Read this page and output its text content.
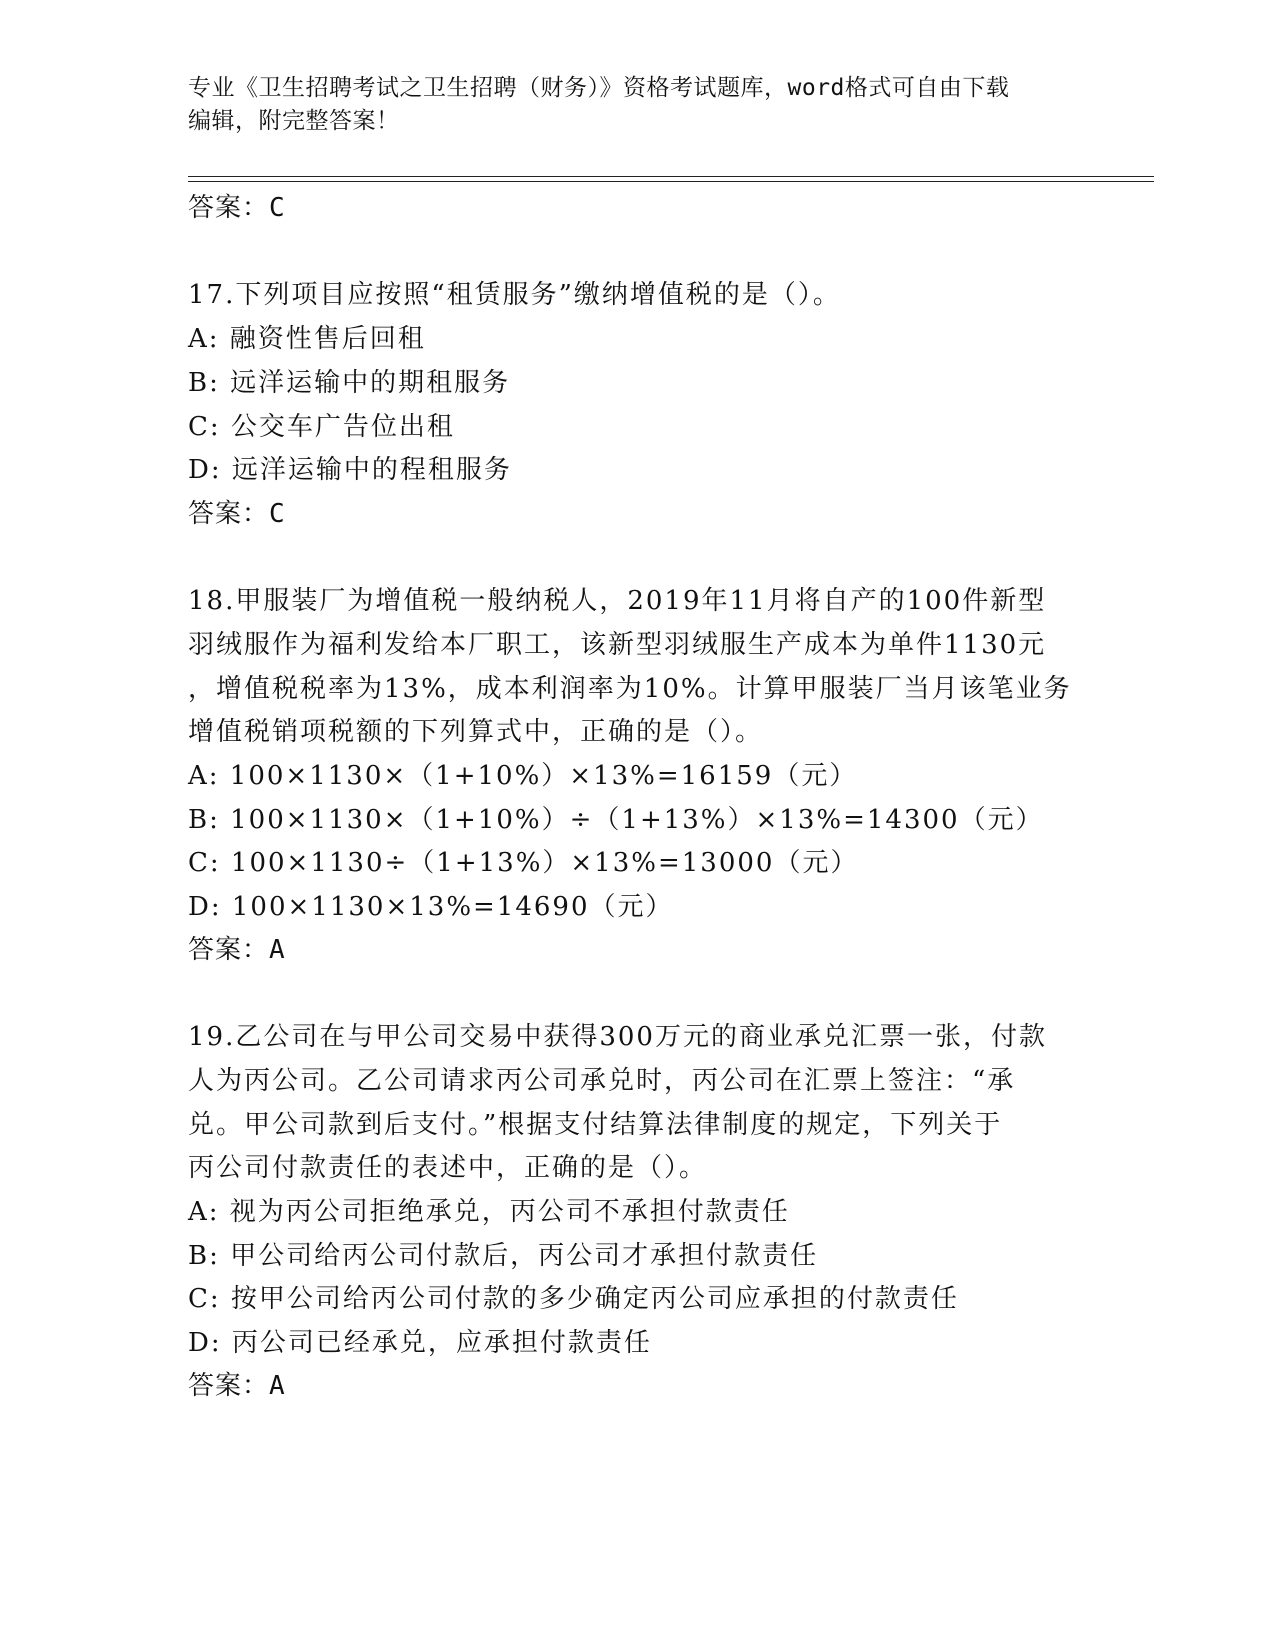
专业《卫生招聘考试之卫生招聘（财务）》资格考试题库，word格式可自由下载
编辑，附完整答案！
答案：C
17.下列项目应按照“租赁服务”缴纳增值税的是（）。
A: 融资性售后回租
B: 远洋运输中的期租服务
C: 公交车广告位出租
D: 远洋运输中的程租服务
答案：C
18.甲服装厂为增值税一般纳税人，2019年11月将自产的100件新型
羽绒服作为福利发给本厂职工，该新型羽绒服生产成本为单件1130元
，增值税税率为13%，成本利润率为10%。计算甲服装厂当月该笔业务
增值税销项税额的下列算式中，正确的是（）。
A: 100×1130×（1+10%）×13%=16159（元）
B: 100×1130×（1+10%）÷（1+13%）×13%=14300（元）
C: 100×1130÷（1+13%）×13%=13000（元）
D: 100×1130×13%=14690（元）
答案：A
19.乙公司在与甲公司交易中获得300万元的商业承兑汇票一张，付款
人为丙公司。乙公司请求丙公司承兑时，丙公司在汇票上签注：“承
兑。甲公司款到后支付。”根据支付结算法律制度的规定，下列关于
丙公司付款责任的表述中，正确的是（）。
A: 视为丙公司拒绝承兑，丙公司不承担付款责任
B: 甲公司给丙公司付款后，丙公司才承担付款责任
C: 按甲公司给丙公司付款的多少确定丙公司应承担的付款责任
D: 丙公司已经承兑，应承担付款责任
答案：A
